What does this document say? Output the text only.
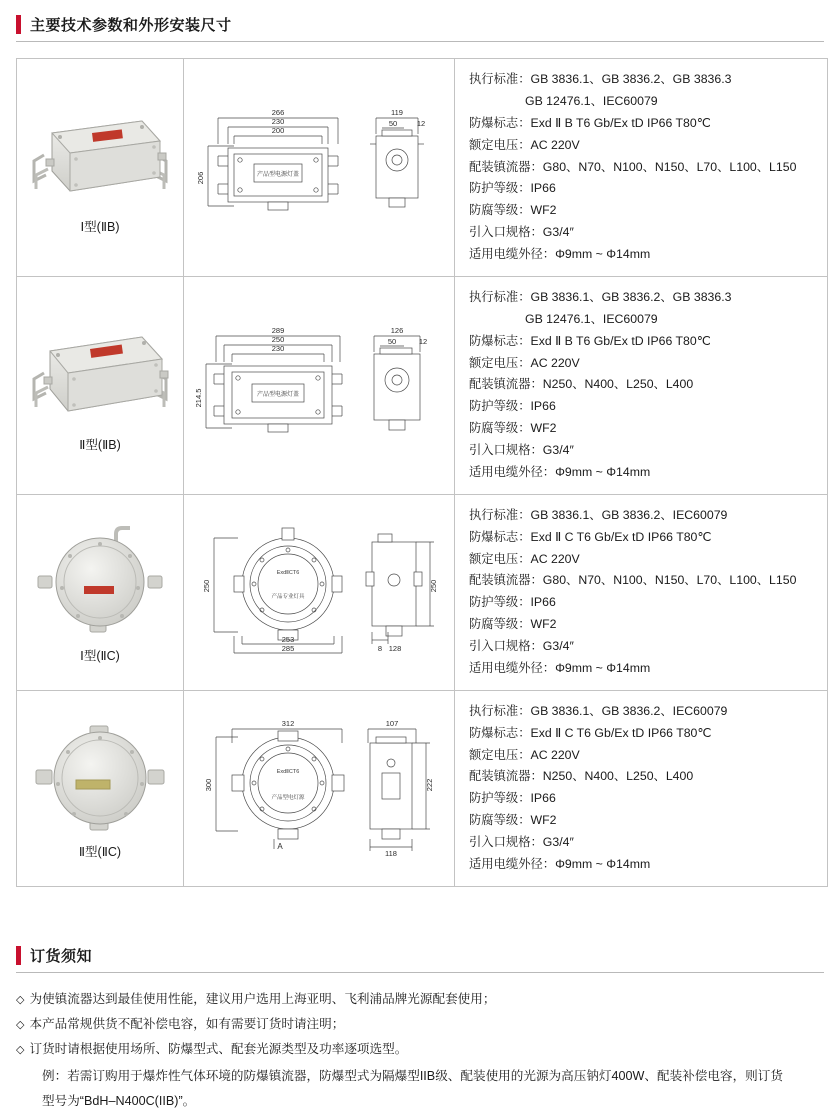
主要技术参数和外形安装尺寸
Ⅰ型(ⅡB)

266
230
200
206
119
50	12
产品型电源灯盖

执行标准：GB 3836.1、GB 3836.2、GB 3836.3
GB 12476.1、IEC60079
防爆标志：Exd Ⅱ B T6 Gb/Ex tD IP66 T80℃
额定电压：AC 220V
配装镇流器：G80、N70、N100、N150、L70、L100、L150
防护等级：IP66
防腐等级：WF2
引入口规格：G3/4″
适用电缆外径：Φ9mm ~ Φ14mm

Ⅱ型(ⅡB)

289
250
230
214.5
126
50	12
产品型电源灯盖

执行标准：GB 3836.1、GB 3836.2、GB 3836.3
GB 12476.1、IEC60079
防爆标志：Exd Ⅱ B T6 Gb/Ex tD IP66 T80℃
额定电压：AC 220V
配装镇流器：N250、N400、L250、L400
防护等级：IP66
防腐等级：WF2
引入口规格：G3/4″
适用电缆外径：Φ9mm ~ Φ14mm

Ⅰ型(ⅡC)

250	250
253
285	128
8
ExdⅡCT6
产品专业灯具

执行标准：GB 3836.1、GB 3836.2、IEC60079
防爆标志：Exd Ⅱ C T6 Gb/Ex tD IP66 T80℃
额定电压：AC 220V
配装镇流器：G80、N70、N100、N150、L70、L100、L150
防护等级：IP66
防腐等级：WF2
引入口规格：G3/4″
适用电缆外径：Φ9mm ~ Φ14mm

Ⅱ型(ⅡC)

312
300
107
222
118
A
ExdⅡCT6
产品型电灯源

执行标准：GB 3836.1、GB 3836.2、IEC60079
防爆标志：Exd Ⅱ C T6 Gb/Ex tD IP66 T80℃
额定电压：AC 220V
配装镇流器：N250、N400、L250、L400
防护等级：IP66
防腐等级：WF2
引入口规格：G3/4″
适用电缆外径：Φ9mm ~ Φ14mm
订货须知
◇ 为使镇流器达到最佳使用性能，建议用户选用上海亚明、飞利浦品牌光源配套使用；
◇ 本产品常规供货不配补偿电容，如有需要订货时请注明；
◇ 订货时请根据使用场所、防爆型式、配套光源类型及功率逐项选型。
例：若需订购用于爆炸性气体环境的防爆镇流器，防爆型式为隔爆型IIB级、配装使用的光源为高压钠灯400W、配装补偿电容，则订货
型号为“BdH–N400C(IIB)”。
